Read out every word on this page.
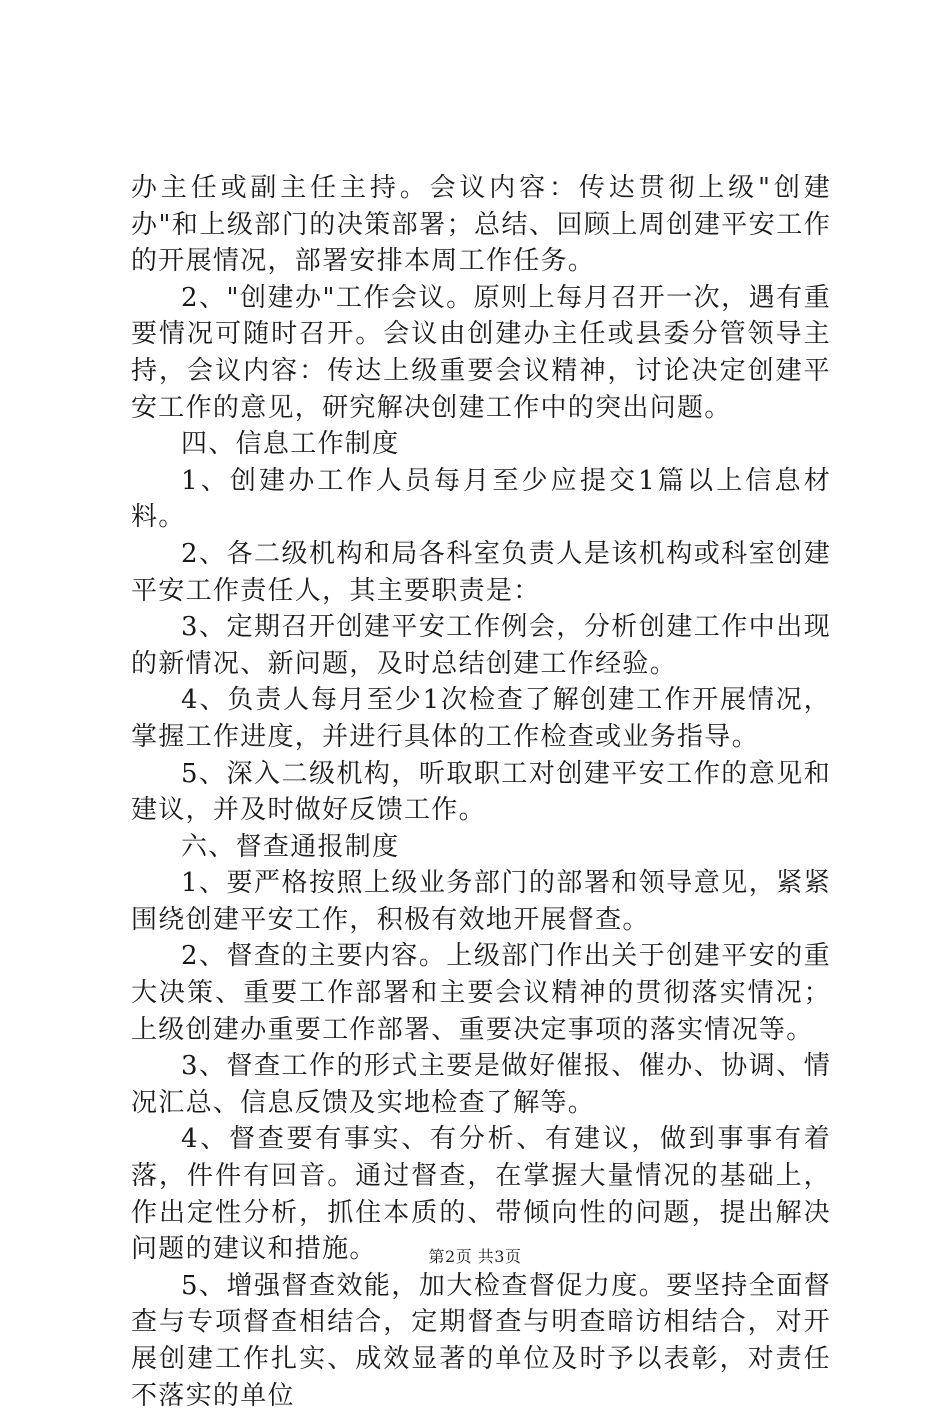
办主任或副主任主持。会议内容：传达贯彻上级"创建办"和上级部门的决策部署；总结、回顾上周创建平安工作的开展情况，部署安排本周工作任务。

2、"创建办"工作会议。原则上每月召开一次，遇有重要情况可随时召开。会议由创建办主任或县委分管领导主持，会议内容：传达上级重要会议精神，讨论决定创建平安工作的意见，研究解决创建工作中的突出问题。

四、信息工作制度

1、创建办工作人员每月至少应提交1篇以上信息材料。

2、各二级机构和局各科室负责人是该机构或科室创建平安工作责任人，其主要职责是：

3、定期召开创建平安工作例会，分析创建工作中出现的新情况、新问题，及时总结创建工作经验。

4、负责人每月至少1次检查了解创建工作开展情况，掌握工作进度，并进行具体的工作检查或业务指导。

5、深入二级机构，听取职工对创建平安工作的意见和建议，并及时做好反馈工作。

六、督查通报制度

1、要严格按照上级业务部门的部署和领导意见，紧紧围绕创建平安工作，积极有效地开展督查。

2、督查的主要内容。上级部门作出关于创建平安的重大决策、重要工作部署和主要会议精神的贯彻落实情况；上级创建办重要工作部署、重要决定事项的落实情况等。

3、督查工作的形式主要是做好催报、催办、协调、情况汇总、信息反馈及实地检查了解等。

4、督查要有事实、有分析、有建议，做到事事有着落，件件有回音。通过督查，在掌握大量情况的基础上，作出定性分析，抓住本质的、带倾向性的问题，提出解决问题的建议和措施。

5、增强督查效能，加大检查督促力度。要坚持全面督查与专项督查相结合，定期督查与明查暗访相结合，对开展创建工作扎实、成效显著的单位及时予以表彰，对责任不落实的单位

第2页 共3页
